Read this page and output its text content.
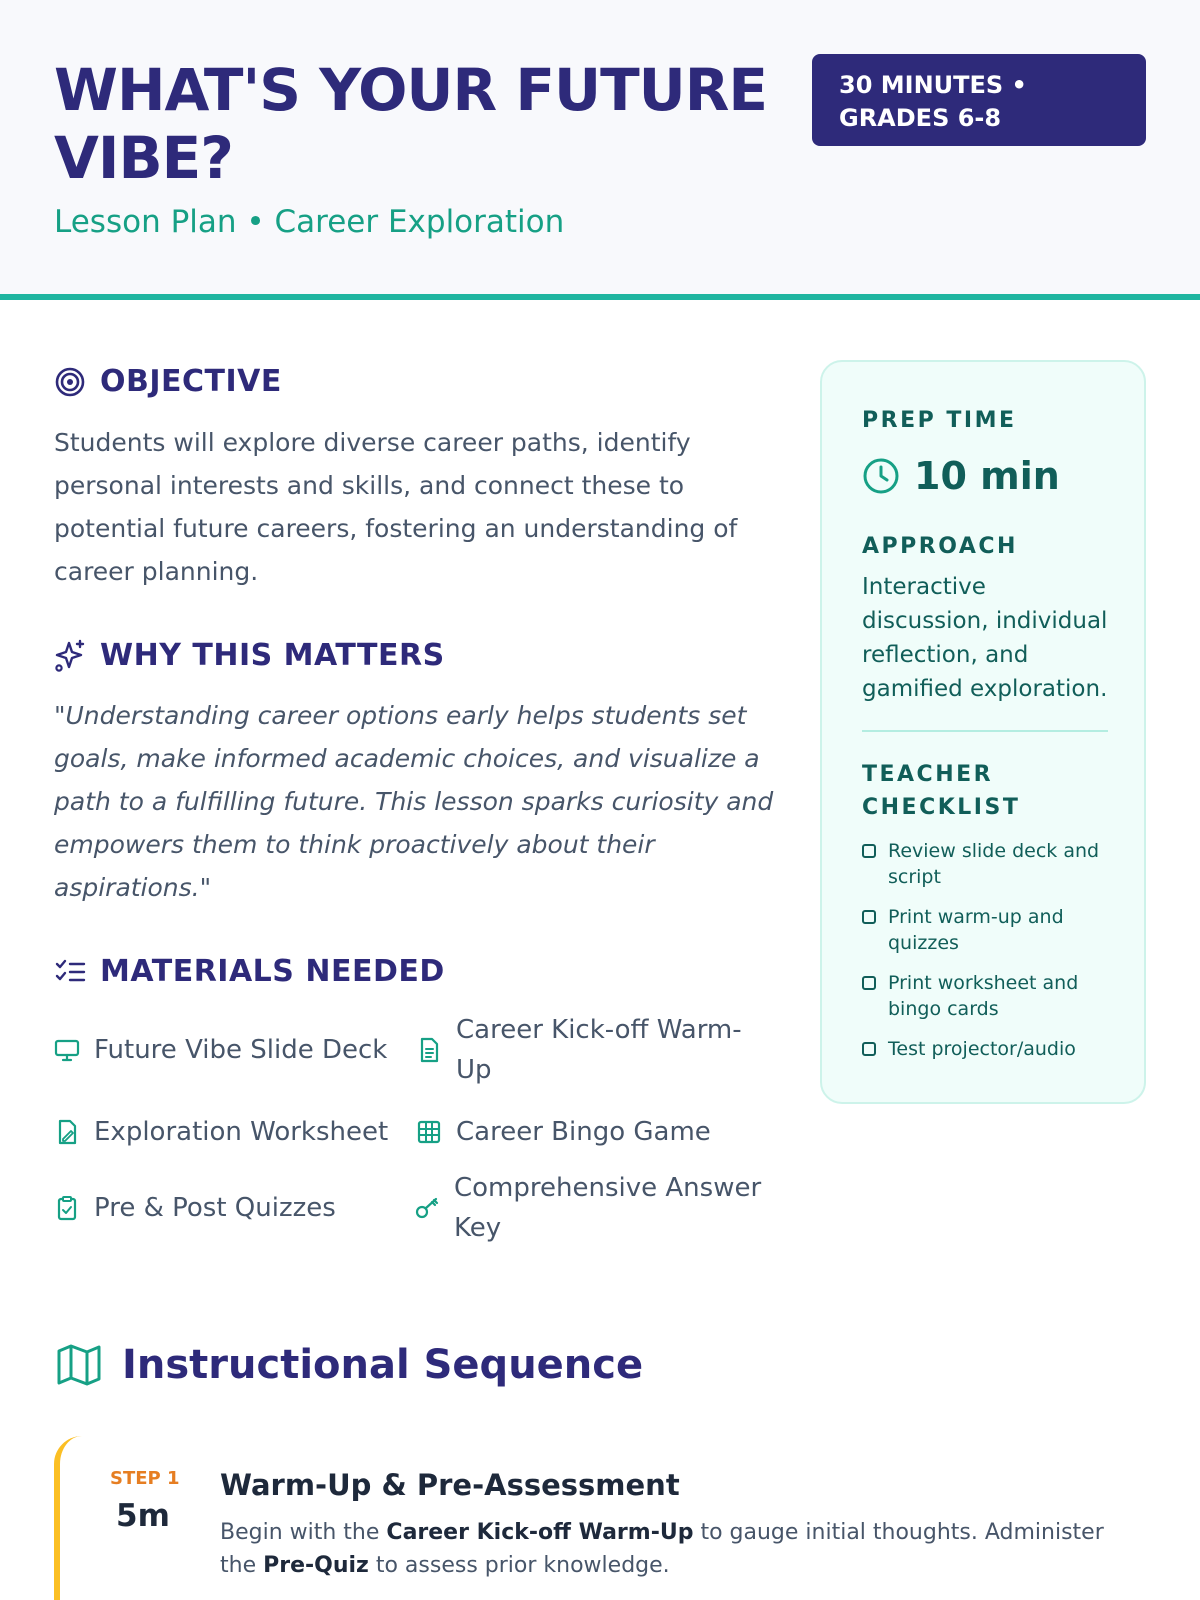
WHAT'S YOUR FUTURE VIBE?
Lesson Plan • Career Exploration
30 MINUTES •
GRADES 6-8
OBJECTIVE

Students will explore diverse career paths, identify personal interests and skills, and connect these to potential future careers, fostering an understanding of career planning.

WHY THIS MATTERS

"Understanding career options early helps students set goals, make informed academic choices, and visualize a path to a fulfilling future. This lesson sparks curiosity and empowers them to think proactively about their aspirations."

MATERIALS NEEDED
Future Vibe Slide Deck
Career Kick-off Warm-Up
Exploration Worksheet	Career Bingo Game
Pre & Post Quizzes
Comprehensive Answer Key
PREP TIME
10 min
APPROACH

Interactive discussion, individual reflection, and gamified exploration.

TEACHER
CHECKLIST
Review slide deck and script
Print warm-up and quizzes
Print worksheet and bingo cards
Test projector/audio
Instructional Sequence
STEP 1
5m
Warm-Up & Pre-Assessment

Begin with the Career Kick-off Warm-Up to gauge initial thoughts. Administer the Pre-Quiz to assess prior knowledge.
